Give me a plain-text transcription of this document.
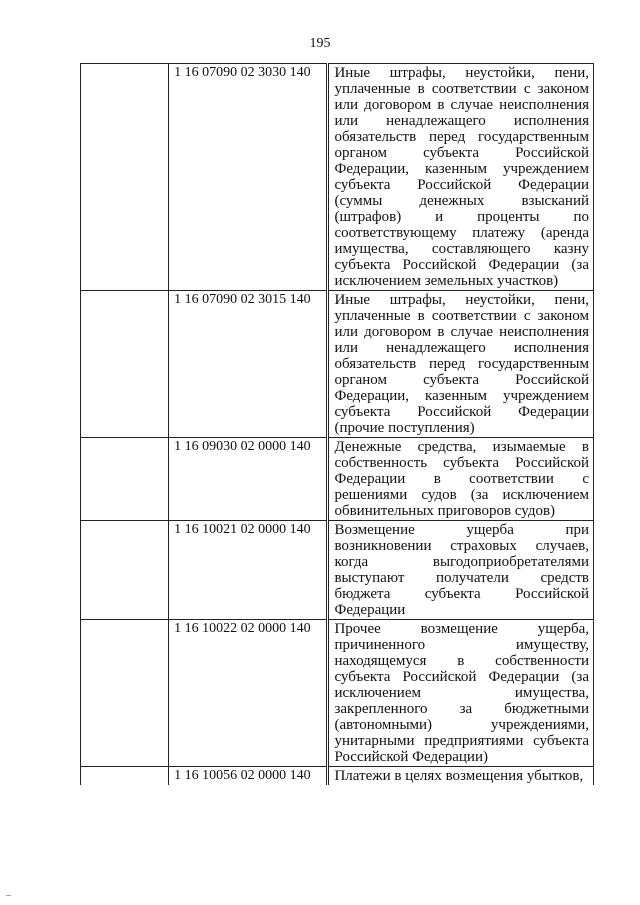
195
	1 16 07090 02 3030 140	Иные штрафы, неустойки, пени, уплаченные в соответствии с законом или договором в случае неисполнения или ненадлежащего исполнения обязательств перед государственным органом субъекта Российской Федерации, казенным учреждением субъекта Российской Федерации (суммы денежных взысканий (штрафов) и проценты по соответствующему платежу (аренда имущества, составляющего казну субъекта Российской Федерации (за исключением земельных участков)
	1 16 07090 02 3015 140	Иные штрафы, неустойки, пени, уплаченные в соответствии с законом или договором в случае неисполнения или ненадлежащего исполнения обязательств перед государственным органом субъекта Российской Федерации, казенным учреждением субъекта Российской Федерации (прочие поступления)
	1 16 09030 02 0000 140	Денежные средства, изымаемые в собственность субъекта Российской Федерации в соответствии с решениями судов (за исключением обвинительных приговоров судов)
	1 16 10021 02 0000 140	Возмещение ущерба при возникновении страховых случаев, когда выгодоприобретателями выступают получатели средств бюджета субъекта Российской Федерации
	1 16 10022 02 0000 140	Прочее возмещение ущерба, причиненного имуществу, находящемуся в собственности субъекта Российской Федерации (за исключением имущества, закрепленного за бюджетными (автономными) учреждениями, унитарными предприятиями субъекта Российской Федерации)
	1 16 10056 02 0000 140	Платежи в целях возмещения убытков,
–
